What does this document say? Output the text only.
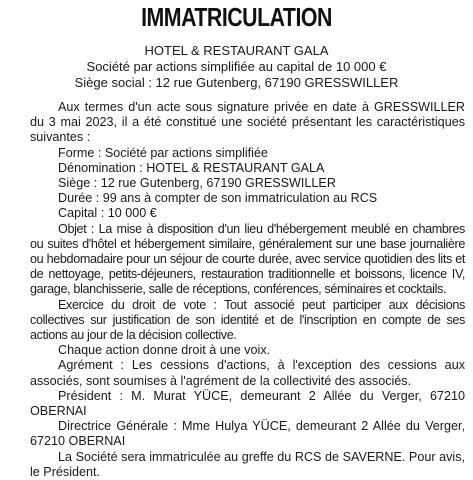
IMMATRICULATION
HOTEL & RESTAURANT GALA
Société par actions simplifiée au capital de 10 000 €
Siège social : 12 rue Gutenberg, 67190 GRESSWILLER

Aux termes d'un acte sous signature privée en date à GRESSWILLER du 3 mai 2023, il a été constitué une société présentant les caractéristiques suivantes :

Forme : Société par actions simplifiée

Dénomination : HOTEL & RESTAURANT GALA

Siège : 12 rue Gutenberg, 67190 GRESSWILLER

Durée : 99 ans à compter de son immatriculation au RCS

Capital : 10 000 €

Objet : La mise à disposition d'un lieu d'hébergement meublé en chambres ou suites d'hôtel et hébergement similaire, généralement sur une base journalière ou hebdomadaire pour un séjour de courte durée, avec service quotidien des lits et de nettoyage, petits-déjeuners, restauration traditionnelle et boissons, licence IV, garage, blanchisserie, salle de réceptions, conférences, séminaires et cocktails.

Exercice du droit de vote : Tout associé peut participer aux décisions collectives sur justification de son identité et de l'inscription en compte de ses actions au jour de la décision collective.

Chaque action donne droit à une voix.

Agrément : Les cessions d'actions, à l'exception des cessions aux associés, sont soumises à l'agrément de la collectivité des associés.

Président : M. Murat YÜCE, demeurant 2 Allée du Verger, 67210 OBERNAI

Directrice Générale : Mme Hulya YÜCE, demeurant 2 Allée du Verger, 67210 OBERNAI

La Société sera immatriculée au greffe du RCS de SAVERNE. Pour avis, le Président.
